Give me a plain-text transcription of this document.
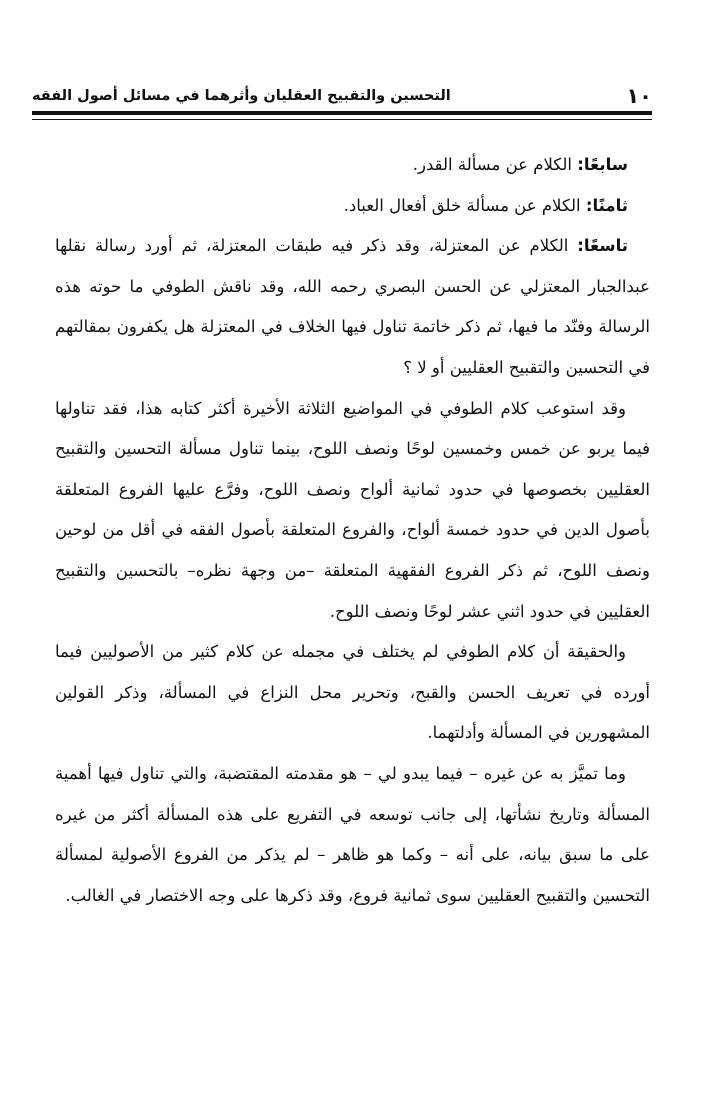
التحسين والتقبيح العقليان وأثرهما في مسائل أصول الفقه	١٠

سابعًا: الكلام عن مسألة القدر.

ثامنًا: الكلام عن مسألة خلق أفعال العباد.

تاسعًا: الكلام عن المعتزلة، وقد ذكر فيه طبقات المعتزلة، ثم أورد رسالة نقلها عبدالجبار المعتزلي عن الحسن البصري رحمه الله، وقد ناقش الطوفي ما حوته هذه الرسالة وفنّد ما فيها، ثم ذكر خاتمة تناول فيها الخلاف في المعتزلة هل يكفرون بمقالتهم في التحسين والتقبيح العقليين أو لا ؟

وقد استوعب كلام الطوفي في المواضيع الثلاثة الأخيرة أكثر كتابه هذا، فقد تناولها فيما يربو عن خمس وخمسين لوحًا ونصف اللوح، بينما تناول مسألة التحسين والتقبيح العقليين بخصوصها في حدود ثمانية ألواح ونصف اللوح، وفرَّع عليها الفروع المتعلقة بأصول الدين في حدود خمسة ألواح، والفروع المتعلقة بأصول الفقه في أقل من لوحين ونصف اللوح، ثم ذكر الفروع الفقهية المتعلقة –من وجهة نظره– بالتحسين والتقبيح العقليين في حدود اثني عشر لوحًا ونصف اللوح.

والحقيقة أن كلام الطوفي لم يختلف في مجمله عن كلام كثير من الأصوليين فيما أورده في تعريف الحسن والقبح، وتحرير محل النزاع في المسألة، وذكر القولين المشهورين في المسألة وأدلتهما.

وما تميَّز به عن غيره – فيما يبدو لي – هو مقدمته المقتضبة، والتي تناول فيها أهمية المسألة وتاريخ نشأتها، إلى جانب توسعه في التفريع على هذه المسألة أكثر من غيره على ما سبق بيانه، على أنه – وكما هو ظاهر – لم يذكر من الفروع الأصولية لمسألة التحسين والتقبيح العقليين سوى ثمانية فروع، وقد ذكرها على وجه الاختصار في الغالب.
